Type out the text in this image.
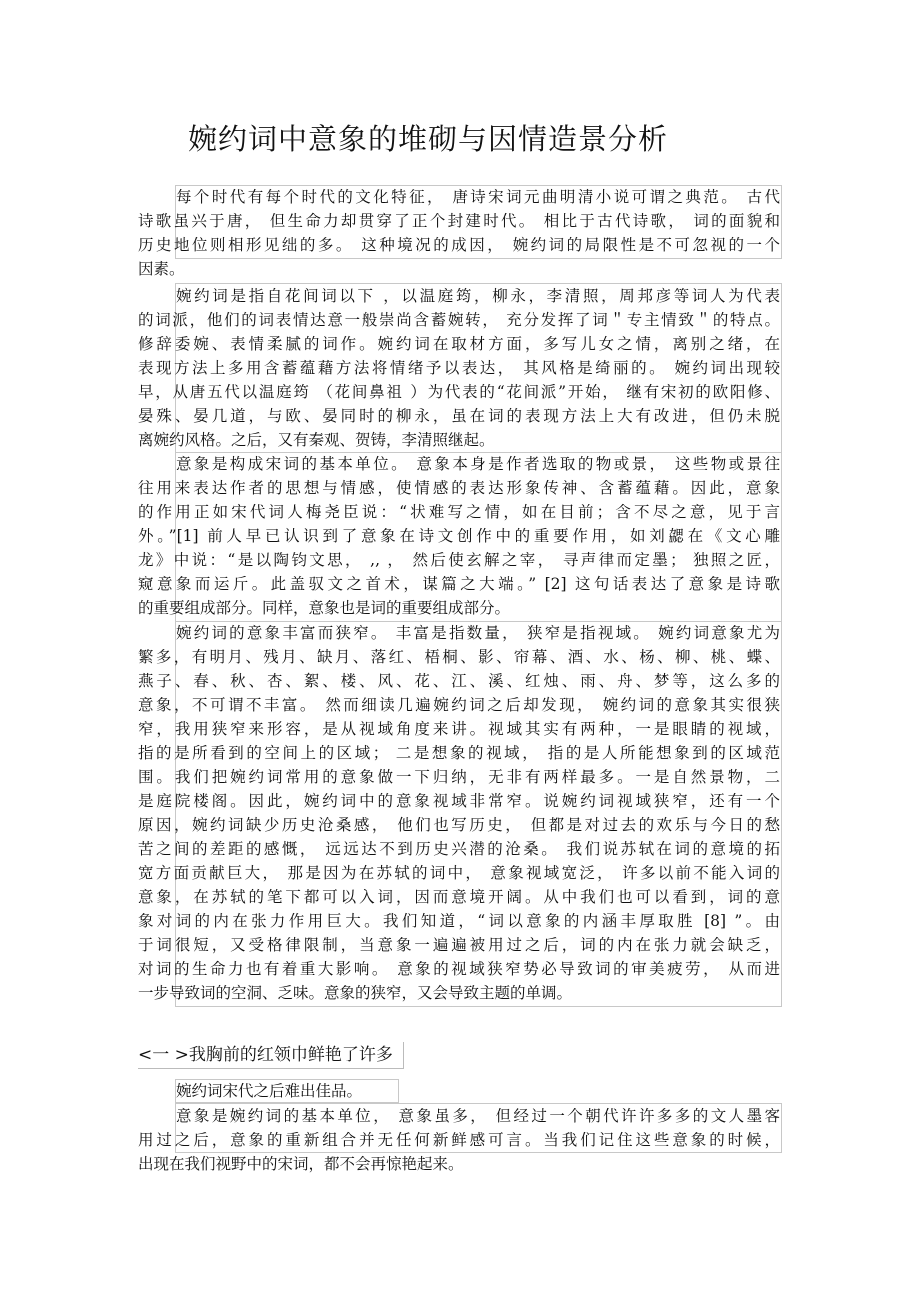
婉约词中意象的堆砌与因情造景分析
每个时代有每个时代的文化特征， 唐诗宋词元曲明清小说可谓之典范。 古代
诗歌虽兴于唐， 但生命力却贯穿了正个封建时代。 相比于古代诗歌， 词的面貌和
历史地位则相形见绌的多。 这种境况的成因， 婉约词的局限性是不可忽视的一个
因素。
婉约词是指自花间词以下 ，以温庭筠，柳永，李清照，周邦彦等词人为代表
的词派，他们的词表情达意一般崇尚含蓄婉转， 充分发挥了词＂专主情致＂的特点。
修辞委婉、表情柔腻的词作。婉约词在取材方面，多写儿女之情，离别之绪，在
表现方法上多用含蓄蕴藉方法将情绪予以表达， 其风格是绮丽的。 婉约词出现较
早，从唐五代以温庭筠 （花间鼻祖 ）为代表的“花间派”开始， 继有宋初的欧阳修、
晏殊、晏几道，与欧、晏同时的柳永，虽在词的表现方法上大有改进，但仍未脱
离婉约风格。之后，又有秦观、贺铸，李清照继起。
意象是构成宋词的基本单位。 意象本身是作者选取的物或景， 这些物或景往
往用来表达作者的思想与情感，使情感的表达形象传神、含蓄蕴藉。因此，意象
的作用正如宋代词人梅尧臣说：“状难写之情，如在目前；含不尽之意，见于言
外。”[1] 前人早已认识到了意象在诗文创作中的重要作用，如刘勰在《文心雕
龙》中说：“是以陶钧文思， ,, ， 然后使玄解之宰， 寻声律而定墨； 独照之匠，
窥意象而运斤。此盖驭文之首术，谋篇之大端。” [2] 这句话表达了意象是诗歌
的重要组成部分。同样，意象也是词的重要组成部分。
婉约词的意象丰富而狭窄。 丰富是指数量， 狭窄是指视域。 婉约词意象尤为
繁多，有明月、残月、缺月、落红、梧桐、影、帘幕、酒、水、杨、柳、桃、蝶、
燕子、春、秋、杏、絮、楼、风、花、江、溪、红烛、雨、舟、梦等，这么多的
意象，不可谓不丰富。 然而细读几遍婉约词之后却发现， 婉约词的意象其实很狭
窄，我用狭窄来形容，是从视域角度来讲。视域其实有两种，一是眼睛的视域，
指的是所看到的空间上的区域； 二是想象的视域， 指的是人所能想象到的区域范
围。我们把婉约词常用的意象做一下归纳，无非有两样最多。一是自然景物，二
是庭院楼阁。因此，婉约词中的意象视域非常窄。说婉约词视域狭窄，还有一个
原因，婉约词缺少历史沧桑感， 他们也写历史， 但都是对过去的欢乐与今日的愁
苦之间的差距的感慨， 远远达不到历史兴潜的沧桑。 我们说苏轼在词的意境的拓
宽方面贡献巨大， 那是因为在苏轼的词中， 意象视域宽泛， 许多以前不能入词的
意象，在苏轼的笔下都可以入词，因而意境开阔。从中我们也可以看到，词的意
象对词的内在张力作用巨大。我们知道，“词以意象的内涵丰厚取胜 [8] ”。由
于词很短，又受格律限制，当意象一遍遍被用过之后，词的内在张力就会缺乏，
对词的生命力也有着重大影响。 意象的视域狭窄势必导致词的审美疲劳， 从而进
一步导致词的空洞、乏味。意象的狭窄，又会导致主题的单调。
<一 >我胸前的红领巾鲜艳了许多
婉约词宋代之后难出佳品。
意象是婉约词的基本单位， 意象虽多， 但经过一个朝代许许多多的文人墨客
用过之后，意象的重新组合并无任何新鲜感可言。当我们记住这些意象的时候，
出现在我们视野中的宋词，都不会再惊艳起来。
